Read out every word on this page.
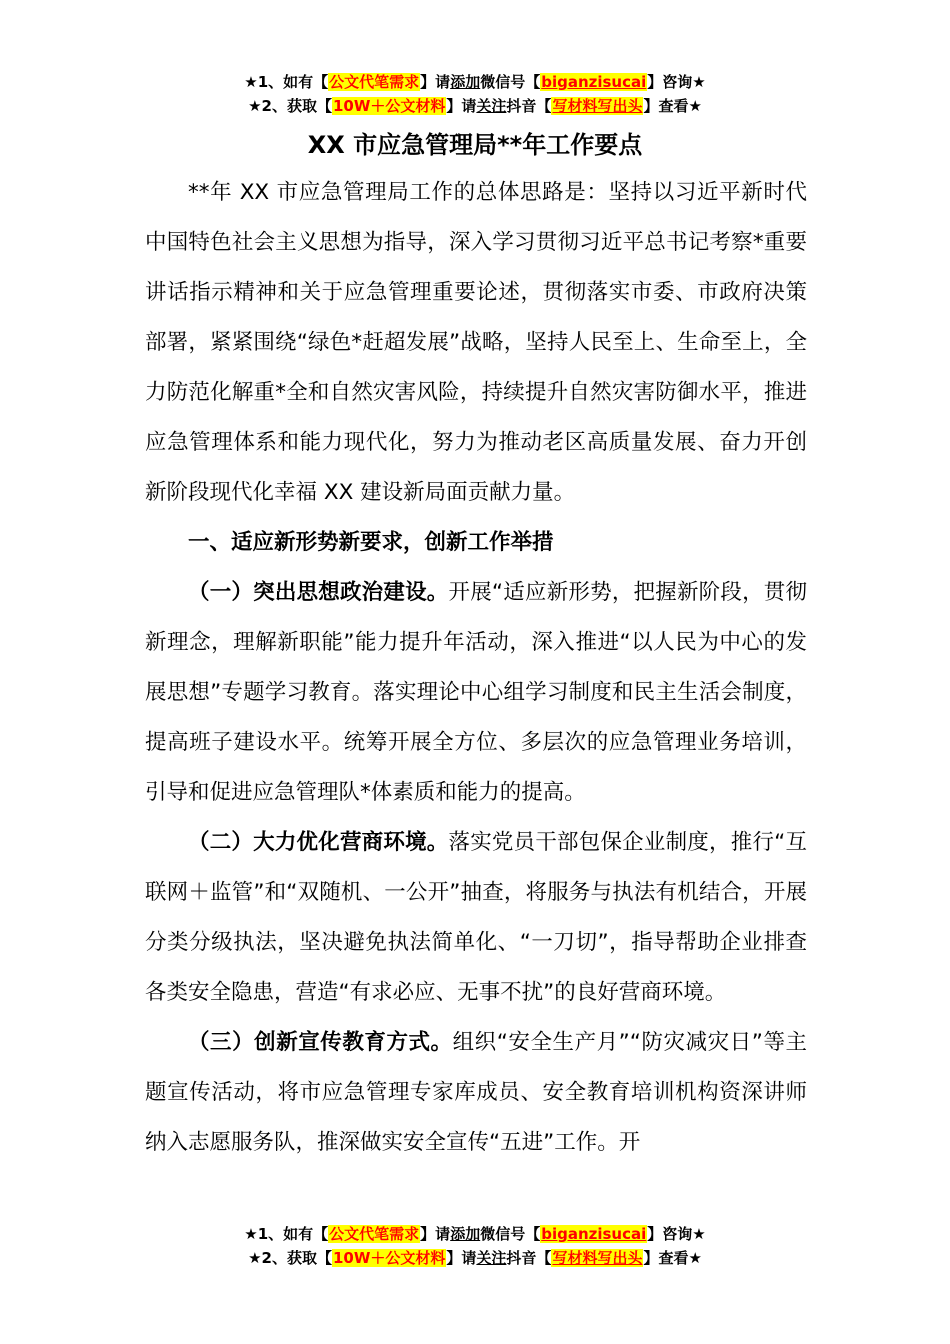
★1、如有【公文代笔需求】请添加微信号【biganzisucai】咨询★
★2、获取【10W＋公文材料】请关注抖音【写材料写出头】查看★
XX 市应急管理局**年工作要点

**年 XX 市应急管理局工作的总体思路是：坚持以习近平新时代中国特色社会主义思想为指导，深入学习贯彻习近平总书记考察*重要讲话指示精神和关于应急管理重要论述，贯彻落实市委、市政府决策部署，紧紧围绕“绿色*赶超发展”战略，坚持人民至上、生命至上，全力防范化解重*全和自然灾害风险，持续提升自然灾害防御水平，推进应急管理体系和能力现代化，努力为推动老区高质量发展、奋力开创新阶段现代化幸福 XX 建设新局面贡献力量。

一、适应新形势新要求，创新工作举措

（一）突出思想政治建设。开展“适应新形势，把握新阶段，贯彻新理念，理解新职能”能力提升年活动，深入推进“以人民为中心的发展思想”专题学习教育。落实理论中心组学习制度和民主生活会制度，提高班子建设水平。统筹开展全方位、多层次的应急管理业务培训，引导和促进应急管理队*体素质和能力的提高。

（二）大力优化营商环境。落实党员干部包保企业制度，推行“互联网＋监管”和“双随机、一公开”抽查，将服务与执法有机结合，开展分类分级执法，坚决避免执法简单化、“一刀切”，指导帮助企业排查各类安全隐患，营造“有求必应、无事不扰”的良好营商环境。

（三）创新宣传教育方式。组织“安全生产月”“防灾减灾日”等主题宣传活动，将市应急管理专家库成员、安全教育培训机构资深讲师纳入志愿服务队，推深做实安全宣传“五进”工作。开

★1、如有【公文代笔需求】请添加微信号【biganzisucai】咨询★
★2、获取【10W＋公文材料】请关注抖音【写材料写出头】查看★
